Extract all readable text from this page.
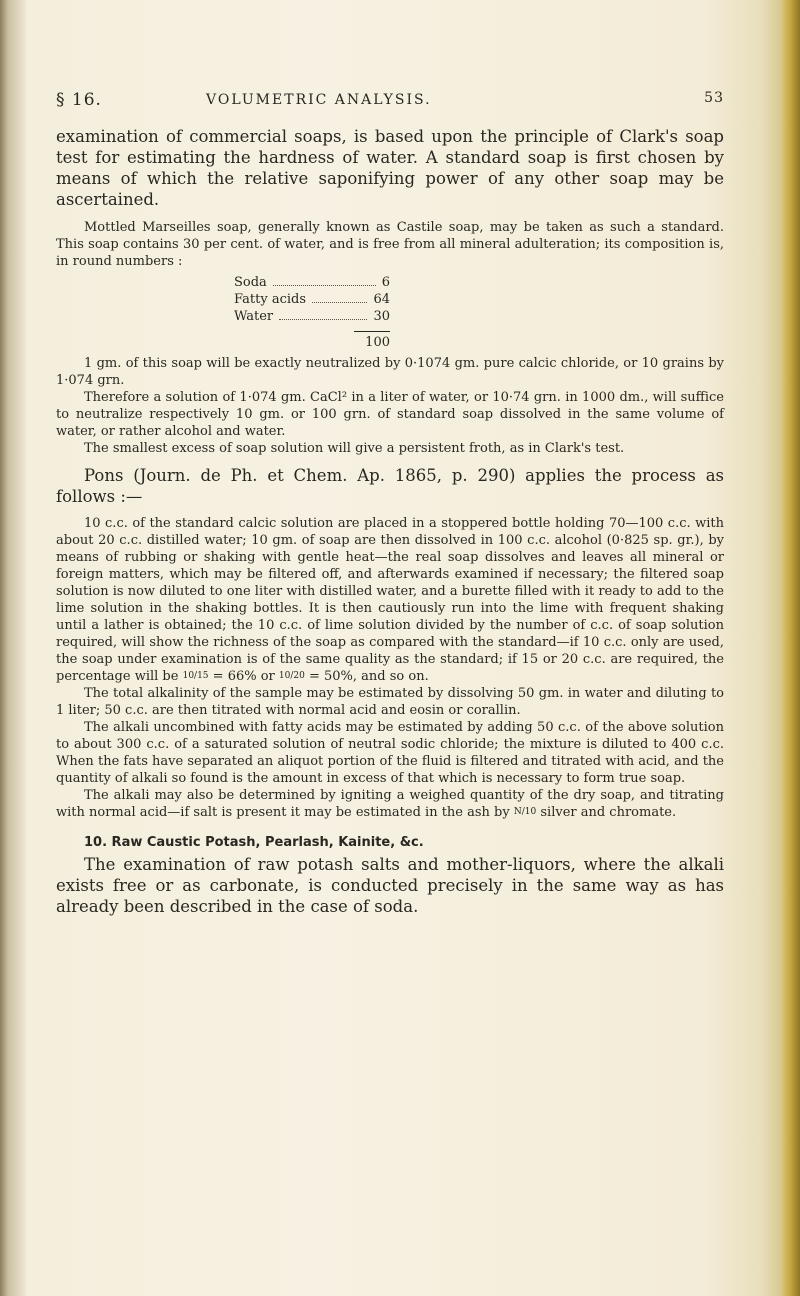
§ 16.	VOLUMETRIC ANALYSIS.	53

examination of commercial soaps, is based upon the principle of Clark's soap test for estimating the hardness of water. A standard soap is first chosen by means of which the relative saponifying power of any other soap may be ascertained.

Mottled Marseilles soap, generally known as Castile soap, may be taken as such a standard. This soap contains 30 per cent. of water, and is free from all mineral adulteration; its composition is, in round numbers :

Soda	6
Fatty acids	64
Water	30
100

1 gm. of this soap will be exactly neutralized by 0·1074 gm. pure calcic chloride, or 10 grains by 1·074 grn.

Therefore a solution of 1·074 gm. CaCl² in a liter of water, or 10·74 grn. in 1000 dm., will suffice to neutralize respectively 10 gm. or 100 grn. of standard soap dissolved in the same volume of water, or rather alcohol and water.

The smallest excess of soap solution will give a persistent froth, as in Clark's test.

Pons (Journ. de Ph. et Chem. Ap. 1865, p. 290) applies the process as follows :—

10 c.c. of the standard calcic solution are placed in a stoppered bottle holding 70—100 c.c. with about 20 c.c. distilled water; 10 gm. of soap are then dissolved in 100 c.c. alcohol (0·825 sp. gr.), by means of rubbing or shaking with gentle heat—the real soap dissolves and leaves all mineral or foreign matters, which may be filtered off, and afterwards examined if necessary; the filtered soap solution is now diluted to one liter with distilled water, and a burette filled with it ready to add to the lime solution in the shaking bottles. It is then cautiously run into the lime with frequent shaking until a lather is obtained; the 10 c.c. of lime solution divided by the number of c.c. of soap solution required, will show the richness of the soap as compared with the standard—if 10 c.c. only are used, the soap under examination is of the same quality as the standard; if 15 or 20 c.c. are required, the percentage will be 10/15 = 66% or 10/20 = 50%, and so on.

The total alkalinity of the sample may be estimated by dissolving 50 gm. in water and diluting to 1 liter; 50 c.c. are then titrated with normal acid and eosin or corallin.

The alkali uncombined with fatty acids may be estimated by adding 50 c.c. of the above solution to about 300 c.c. of a saturated solution of neutral sodic chloride; the mixture is diluted to 400 c.c. When the fats have separated an aliquot portion of the fluid is filtered and titrated with acid, and the quantity of alkali so found is the amount in excess of that which is necessary to form true soap.

The alkali may also be determined by igniting a weighed quantity of the dry soap, and titrating with normal acid—if salt is present it may be estimated in the ash by N/10 silver and chromate.

10. Raw Caustic Potash, Pearlash, Kainite, &c.

The examination of raw potash salts and mother-liquors, where the alkali exists free or as carbonate, is conducted precisely in the same way as has already been described in the case of soda.
